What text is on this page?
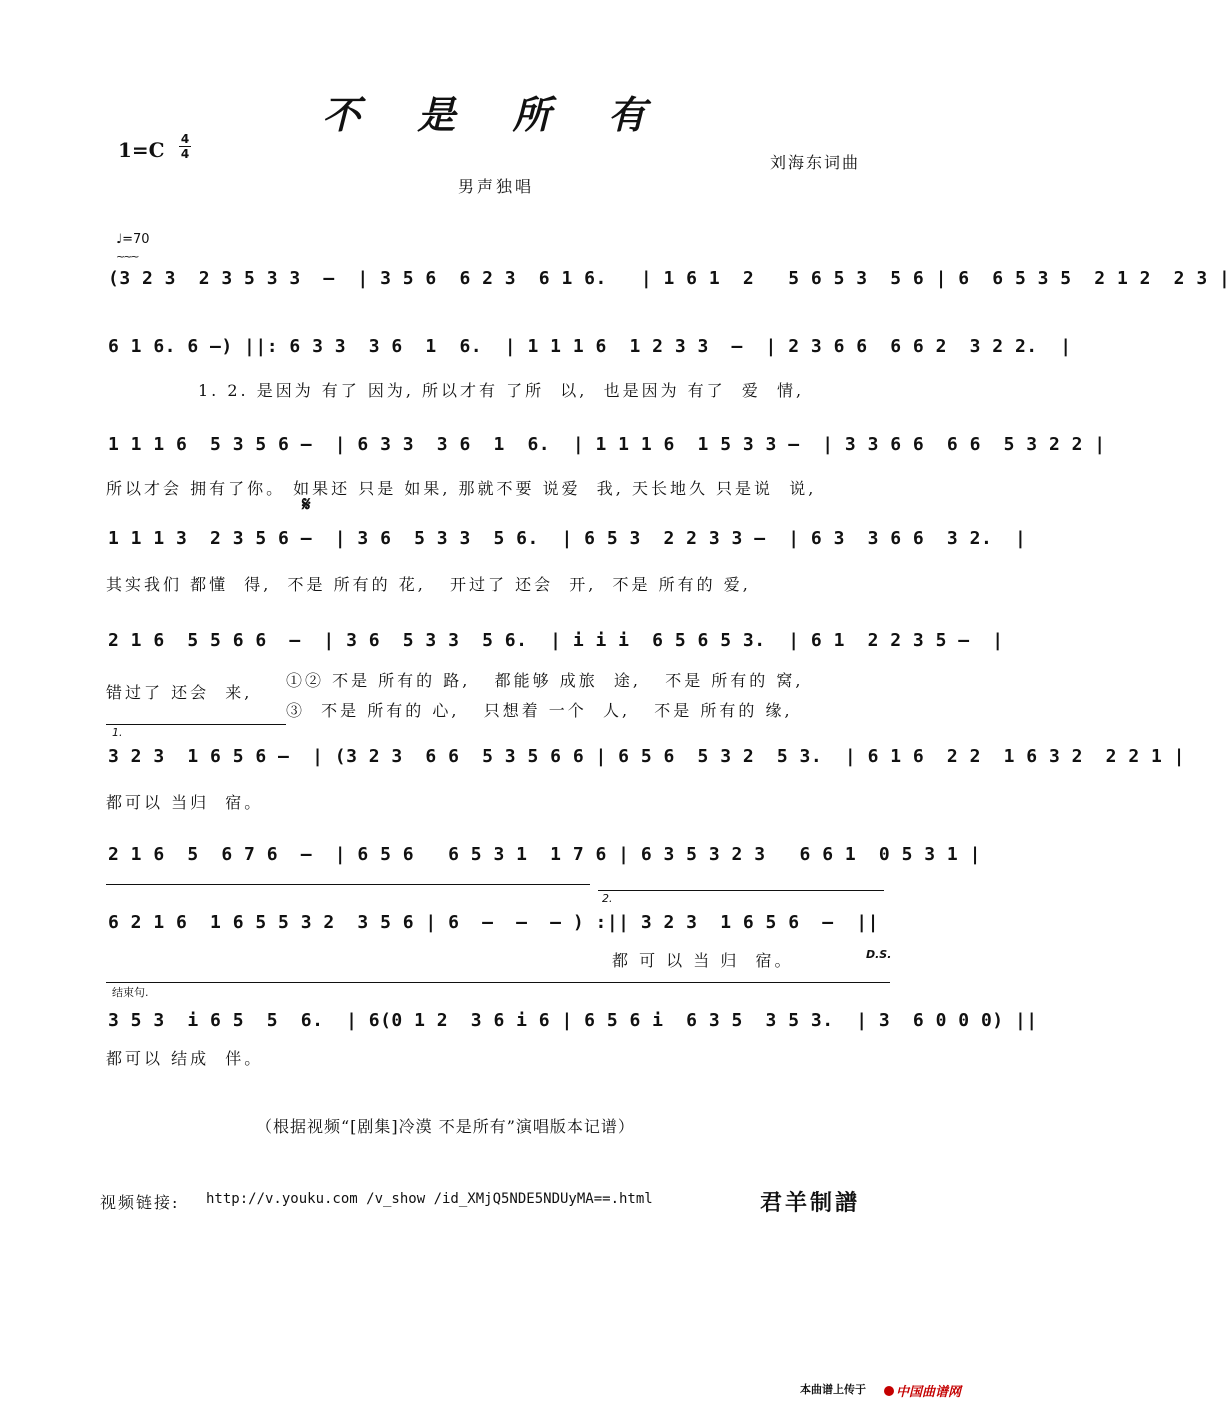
不 是 所 有
1=C 4
4	刘海东词曲
男声独唱
♩=70
~~~
(3 2 3  2 3 5 3 3  –  | 3 5 6  6 2 3  6 1 6.   | 1 6 1  2   5 6 5 3  5 6 | 6  6 5 3 5  2 1 2  2 3 |
6 1 6. 6 –) ||: 6 3 3  3 6  1  6.  | 1 1 1 6  1 2 3 3  –  | 2 3 6 6  6 6 2  3 2 2.  |
1. 2. 是因为 有了 因为, 所以才有 了所  以,  也是因为 有了  爱  情,
1 1 1 6  5 3 5 6 –  | 6 3 3  3 6  1  6.  | 1 1 1 6  1 5 3 3 –  | 3 3 6 6  6 6  5 3 2 2 |
所以才会 拥有了你。 如果还 只是 如果, 那就不要 说爱  我, 天长地久 只是说  说,
𝄋
1 1 1 3  2 3 5 6 –  | 3 6  5 3 3  5 6.  | 6 5 3  2 2 3 3 –  | 6 3  3 6 6  3 2.  |
其实我们 都懂  得,  不是 所有的 花,   开过了 还会  开,  不是 所有的 爱,
2 1 6  5 5 6 6  –  | 3 6  5 3 3  5 6.  | i i i  6 5 6 5 3.  | 6 1  2 2 3 5 –  |
错过了 还会  来,
①② 不是 所有的 路,   都能够 成旅  途,   不是 所有的 窝,
③  不是 所有的 心,   只想着 一个  人,   不是 所有的 缘,
1.
3 2 3  1 6 5 6 –  | (3 2 3  6 6  5 3 5 6 6 | 6 5 6  5 3 2  5 3.  | 6 1 6  2 2  1 6 3 2  2 2 1 |
都可以 当归  宿。
2 1 6  5  6 7 6  –  | 6 5 6   6 5 3 1  1 7 6 | 6 3 5 3 2 3   6 6 1  0 5 3 1 |
6 2 1 6  1 6 5 5 3 2  3 5 6 | 6  –  –  – ) :|| 3 2 3  1 6 5 6  –  ||
2.
都 可 以 当 归  宿。	D.S.
结束句.
3 5 3  i 6 5  5  6.  | 6(0 1 2  3 6 i 6 | 6 5 6 i  6 3 5  3 5 3.  | 3  6 0 0 0) ||
都可以 结成  伴。
（根据视频“[剧集]冷漠 不是所有”演唱版本记谱）
视频链接: http://v.youku.com /v_show /id_XMjQ5NDE5NDUyMA==.html	君羊制譜
本曲谱上传于	中国曲谱网
